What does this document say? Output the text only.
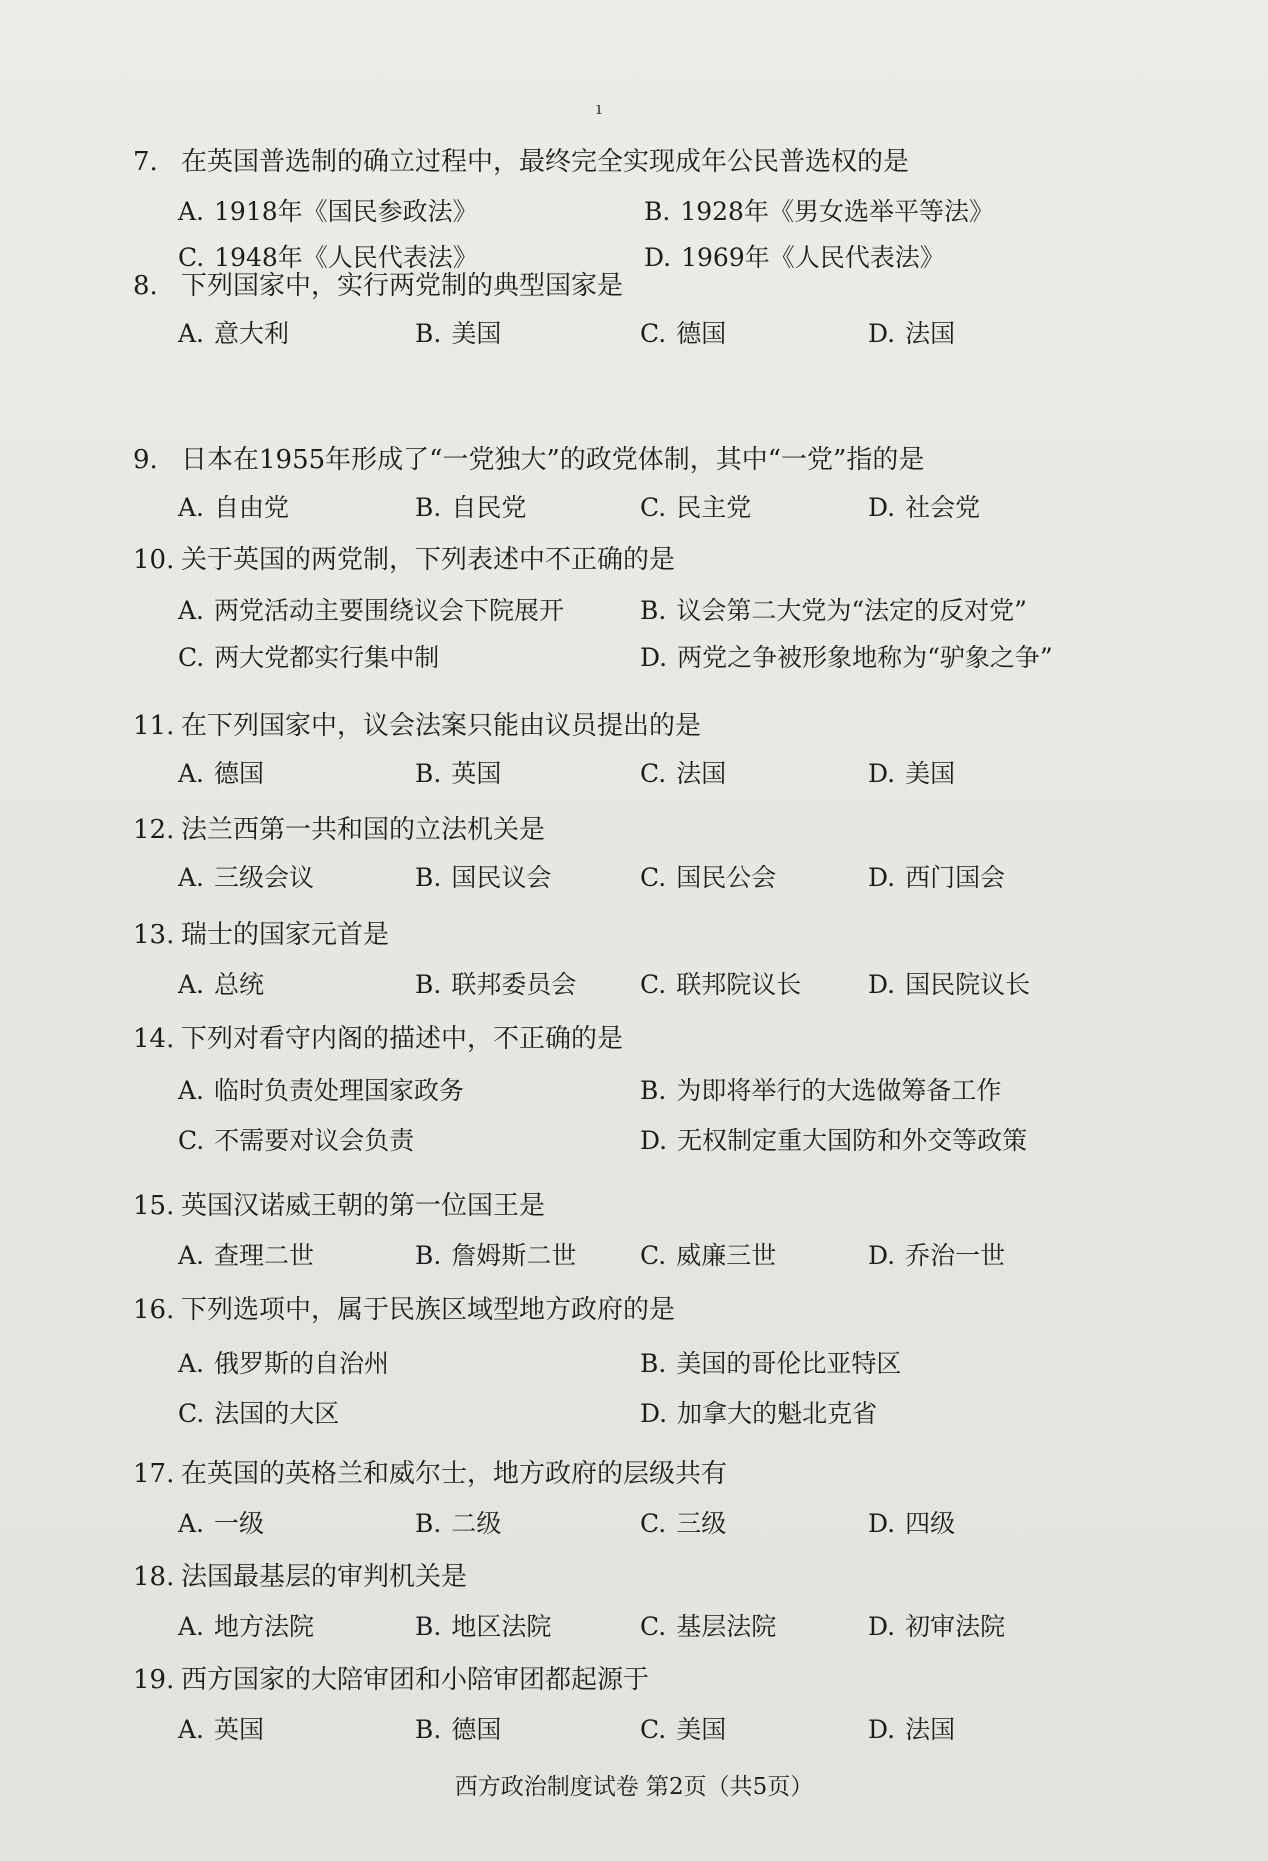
ı
7. 在英国普选制的确立过程中，最终完全实现成年公民普选权的是
A. 1918年《国民参政法》	B. 1928年《男女选举平等法》
C. 1948年《人民代表法》	D. 1969年《人民代表法》
8. 下列国家中，实行两党制的典型国家是
A. 意大利	B. 美国	C. 德国	D. 法国
9. 日本在1955年形成了“一党独大”的政党体制，其中“一党”指的是
A. 自由党	B. 自民党	C. 民主党	D. 社会党
10. 关于英国的两党制，下列表述中不正确的是
A. 两党活动主要围绕议会下院展开	B. 议会第二大党为“法定的反对党”
C. 两大党都实行集中制	D. 两党之争被形象地称为“驴象之争”
11. 在下列国家中，议会法案只能由议员提出的是
A. 德国	B. 英国	C. 法国	D. 美国
12. 法兰西第一共和国的立法机关是
A. 三级会议	B. 国民议会	C. 国民公会	D. 西门国会
13. 瑞士的国家元首是
A. 总统	B. 联邦委员会	C. 联邦院议长	D. 国民院议长
14. 下列对看守内阁的描述中，不正确的是
A. 临时负责处理国家政务	B. 为即将举行的大选做筹备工作
C. 不需要对议会负责	D. 无权制定重大国防和外交等政策
15. 英国汉诺威王朝的第一位国王是
A. 查理二世	B. 詹姆斯二世	C. 威廉三世	D. 乔治一世
16. 下列选项中，属于民族区域型地方政府的是
A. 俄罗斯的自治州	B. 美国的哥伦比亚特区
C. 法国的大区	D. 加拿大的魁北克省
17. 在英国的英格兰和威尔士，地方政府的层级共有
A. 一级	B. 二级	C. 三级	D. 四级
18. 法国最基层的审判机关是
A. 地方法院	B. 地区法院	C. 基层法院	D. 初审法院
19. 西方国家的大陪审团和小陪审团都起源于
A. 英国	B. 德国	C. 美国	D. 法国
西方政治制度试卷 第2页（共5页）
